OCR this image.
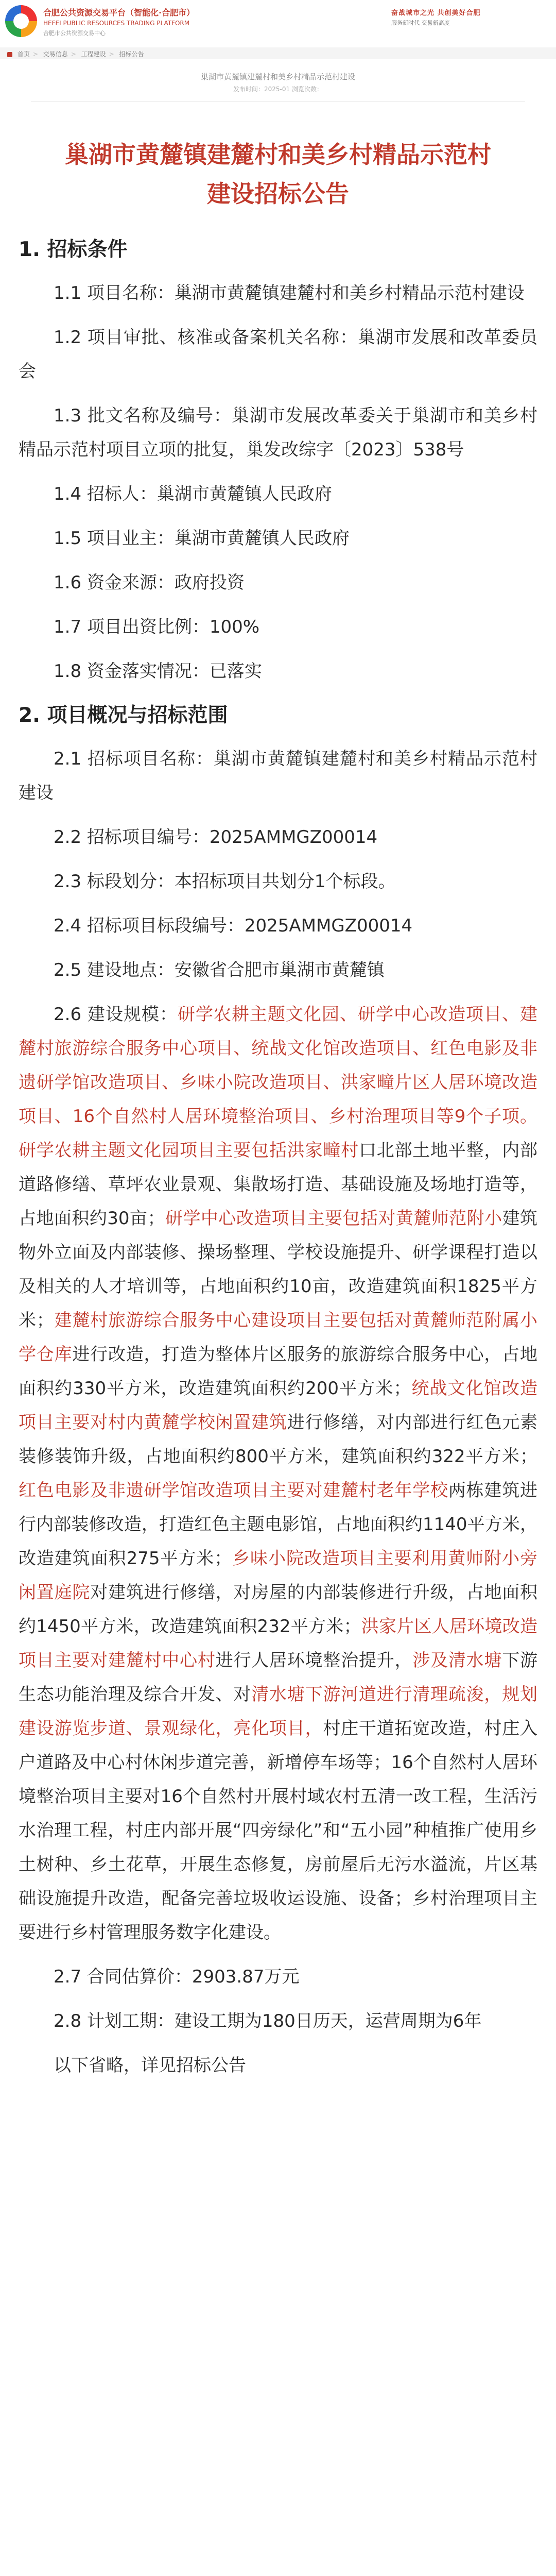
合肥公共资源交易平台（智能化·合肥市）
HEFEI PUBLIC RESOURCES TRADING PLATFORM
合肥市公共资源交易中心
奋战城市之光 共创美好合肥
服务新时代 交易新高度
首页 > 交易信息 > 工程建设 > 招标公告
巢湖市黄麓镇建麓村和美乡村精品示范村建设
发布时间：2025-01 浏览次数：
巢湖市黄麓镇建麓村和美乡村精品示范村
建设招标公告
1. 招标条件

1.1 项目名称：巢湖市黄麓镇建麓村和美乡村精品示范村建设

1.2 项目审批、核准或备案机关名称：巢湖市发展和改革委员会

1.3 批文名称及编号：巢湖市发展改革委关于巢湖市和美乡村精品示范村项目立项的批复，巢发改综字〔2023〕538号

1.4 招标人：巢湖市黄麓镇人民政府

1.5 项目业主：巢湖市黄麓镇人民政府

1.6 资金来源：政府投资

1.7 项目出资比例：100%

1.8 资金落实情况：已落实

2. 项目概况与招标范围

2.1 招标项目名称：巢湖市黄麓镇建麓村和美乡村精品示范村建设

2.2 招标项目编号：2025AMMGZ00014

2.3 标段划分：本招标项目共划分1个标段。

2.4 招标项目标段编号：2025AMMGZ00014

2.5 建设地点：安徽省合肥市巢湖市黄麓镇

2.6 建设规模：研学农耕主题文化园、研学中心改造项目、建麓村旅游综合服务中心项目、统战文化馆改造项目、红色电影及非遗研学馆改造项目、乡味小院改造项目、洪家疃片区人居环境改造项目、16个自然村人居环境整治项目、乡村治理项目等9个子项。研学农耕主题文化园项目主要包括洪家疃村口北部土地平整，内部道路修缮、草坪农业景观、集散场打造、基础设施及场地打造等，占地面积约30亩；研学中心改造项目主要包括对黄麓师范附小建筑物外立面及内部装修、操场整理、学校设施提升、研学课程打造以及相关的人才培训等，占地面积约10亩，改造建筑面积1825平方米；建麓村旅游综合服务中心建设项目主要包括对黄麓师范附属小学仓库进行改造，打造为整体片区服务的旅游综合服务中心，占地面积约330平方米，改造建筑面积约200平方米；统战文化馆改造项目主要对村内黄麓学校闲置建筑进行修缮，对内部进行红色元素装修装饰升级，占地面积约800平方米，建筑面积约322平方米；红色电影及非遗研学馆改造项目主要对建麓村老年学校两栋建筑进行内部装修改造，打造红色主题电影馆，占地面积约1140平方米，改造建筑面积275平方米；乡味小院改造项目主要利用黄师附小旁闲置庭院对建筑进行修缮，对房屋的内部装修进行升级，占地面积约1450平方米，改造建筑面积232平方米；洪家片区人居环境改造项目主要对建麓村中心村进行人居环境整治提升，涉及清水塘下游生态功能治理及综合开发、对清水塘下游河道进行清理疏浚，规划建设游览步道、景观绿化，亮化项目，村庄干道拓宽改造，村庄入户道路及中心村休闲步道完善，新增停车场等；16个自然村人居环境整治项目主要对16个自然村开展村域农村五清一改工程，生活污水治理工程，村庄内部开展“四旁绿化”和“五小园”种植推广使用乡土树种、乡土花草，开展生态修复，房前屋后无污水溢流，片区基础设施提升改造，配备完善垃圾收运设施、设备；乡村治理项目主要进行乡村管理服务数字化建设。

2.7 合同估算价：2903.87万元

2.8 计划工期：建设工期为180日历天，运营周期为6年

以下省略，详见招标公告
